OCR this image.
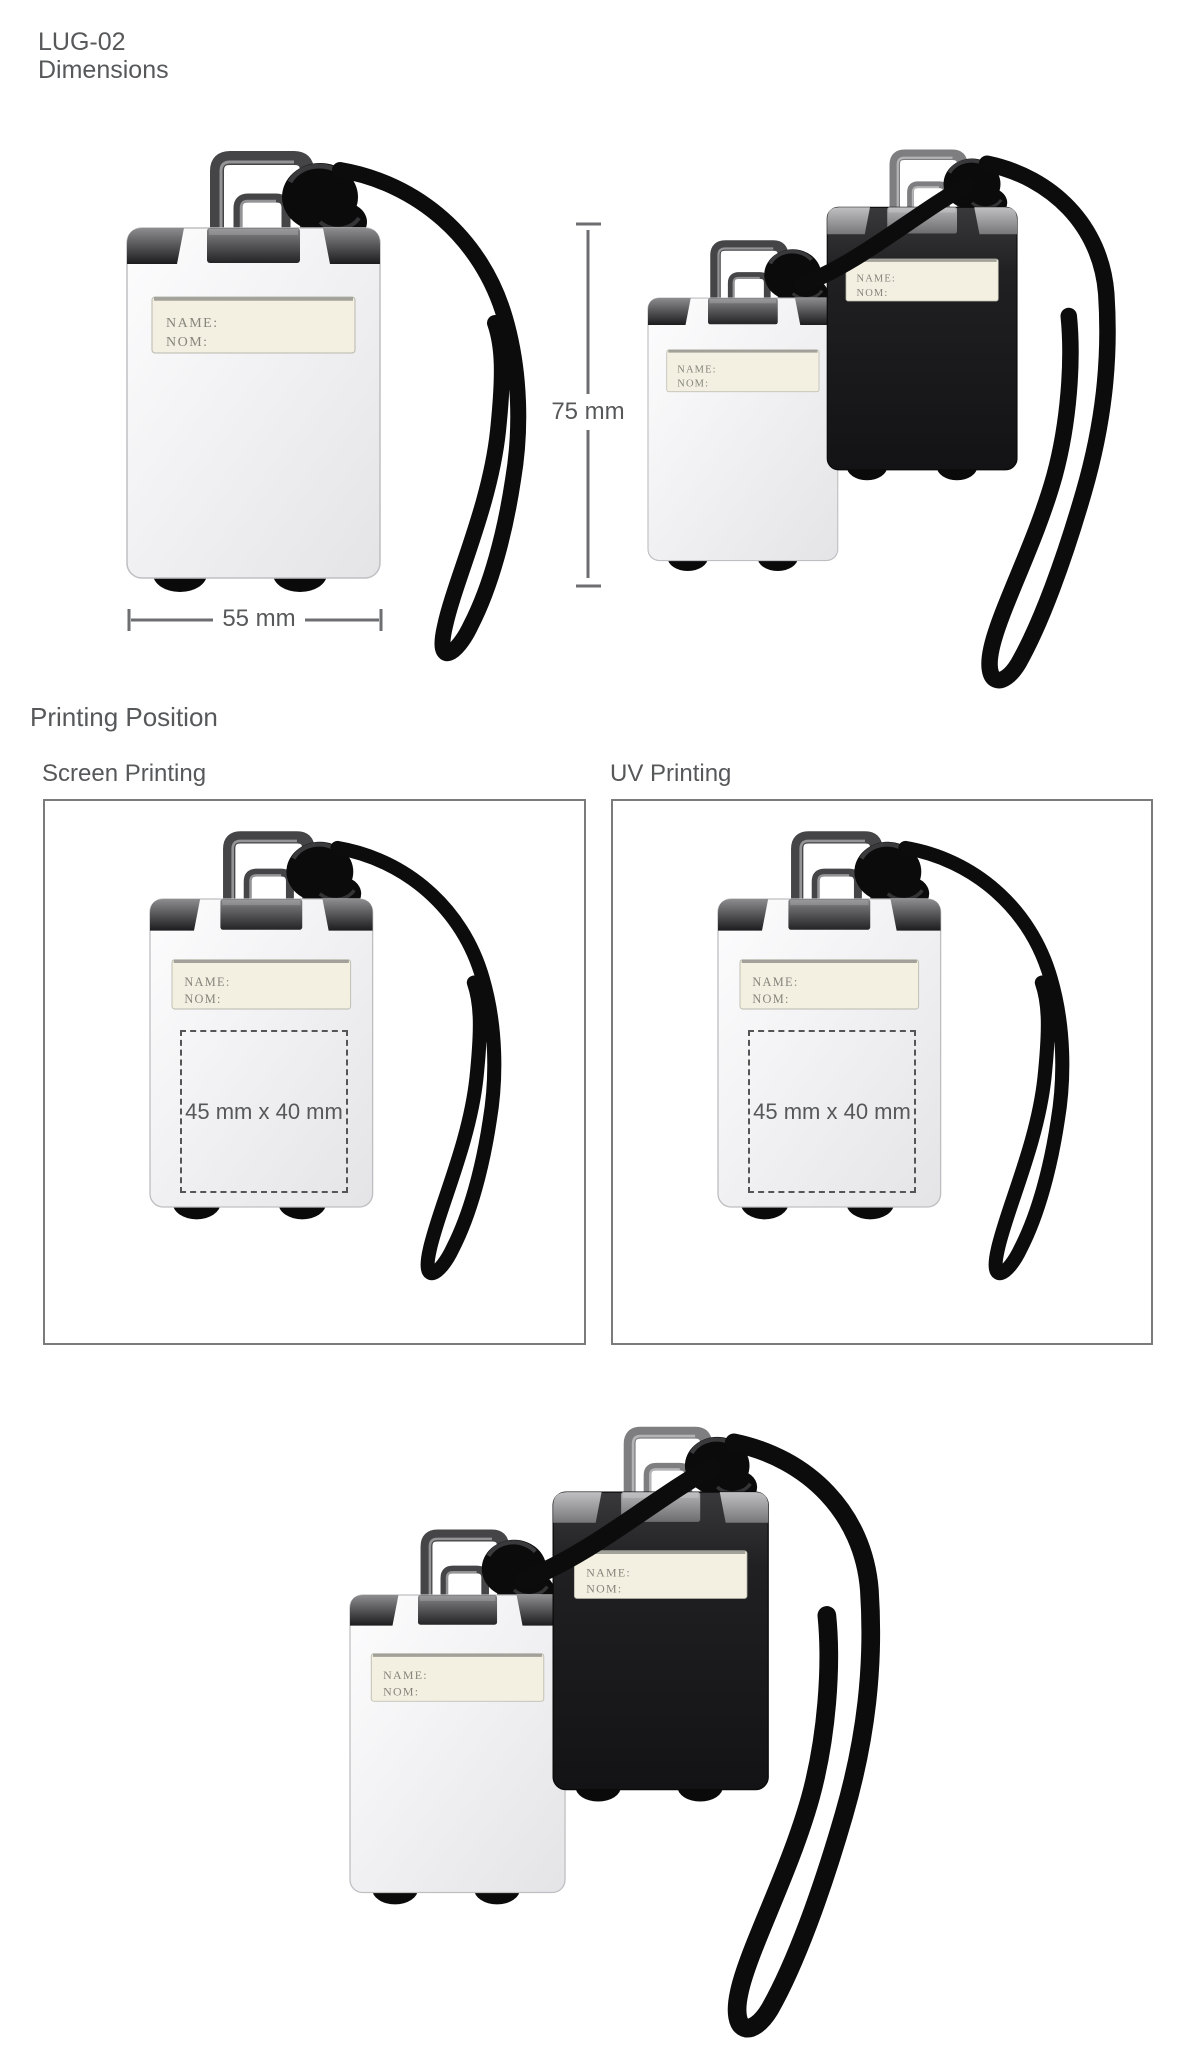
NAME:
NOM:
45 mm x 40 mm	45 mm x 40 mm
LUG-02
Dimensions
75 mm
55 mm
Printing Position
Screen Printing	UV Printing
